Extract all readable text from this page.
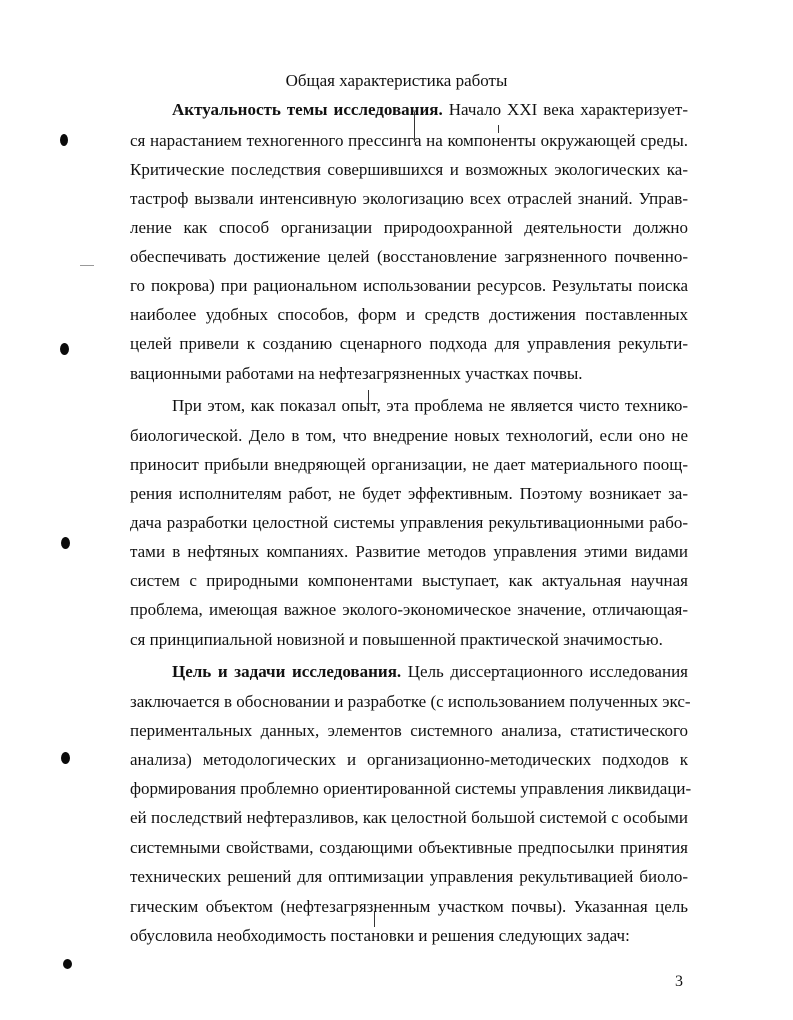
Общая характеристика работы
Актуальность темы исследования. Начало XXI века характеризует-
ся нарастанием техногенного прессинга на компоненты окружающей среды.
Критические последствия совершившихся и возможных экологических ка-
тастроф вызвали интенсивную экологизацию всех отраслей знаний. Управ-
ление как способ организации природоохранной деятельности должно
обеспечивать достижение целей (восстановление загрязненного почвенно-
го покрова) при рациональном использовании ресурсов. Результаты поиска
наиболее удобных способов, форм и средств достижения поставленных
целей привели к созданию сценарного подхода для управления рекульти-
вационными работами на нефтезагрязненных участках почвы.
При этом, как показал опыт, эта проблема не является чисто технико-
биологической. Дело в том, что внедрение новых технологий, если оно не
приносит прибыли внедряющей организации, не дает материального поощ-
рения исполнителям работ, не будет эффективным. Поэтому возникает за-
дача разработки целостной системы управления рекультивационными рабо-
тами в нефтяных компаниях. Развитие методов управления этими видами
систем с природными компонентами выступает, как актуальная научная
проблема, имеющая важное эколого-экономическое значение, отличающая-
ся принципиальной новизной и повышенной практической значимостью.
Цель и задачи исследования. Цель диссертационного исследования
заключается в обосновании и разработке (с использованием полученных экс-
периментальных данных, элементов системного анализа, статистического
анализа) методологических и организационно-методических подходов к
формирования проблемно ориентированной системы управления ликвидаци-
ей последствий нефтеразливов, как целостной большой системой с особыми
системными свойствами, создающими объективные предпосылки принятия
технических решений для оптимизации управления рекультивацией биоло-
гическим объектом (нефтезагрязненным участком почвы). Указанная цель
обусловила необходимость постановки и решения следующих задач:
3
